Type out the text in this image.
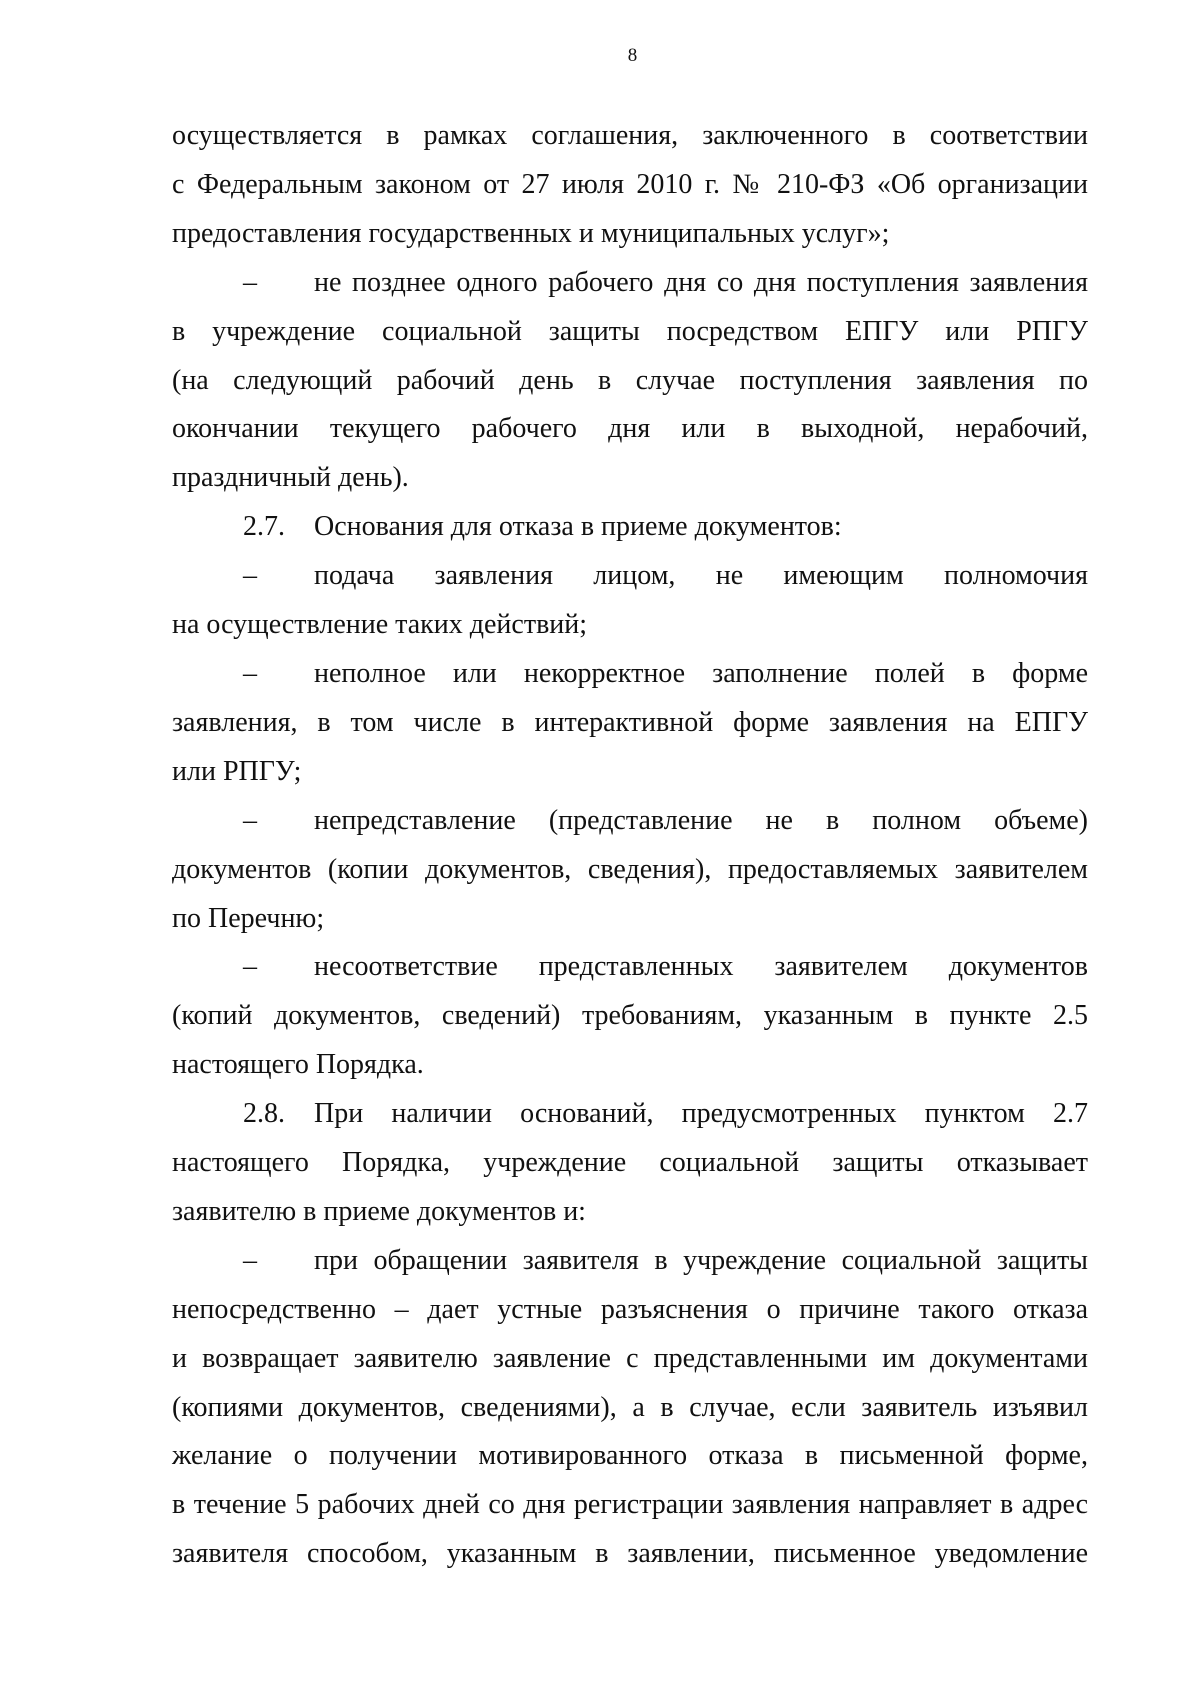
8

осуществляется в рамках соглашения, заключенного в соответствии
с Федеральным законом от 27 июля 2010 г. № 210-ФЗ «Об организации
предоставления государственных и муниципальных услуг»;

– не позднее одного рабочего дня со дня поступления заявления
в учреждение социальной защиты посредством ЕПГУ или РПГУ
(на следующий рабочий день в случае поступления заявления по
окончании текущего рабочего дня или в выходной, нерабочий,
праздничный день).

2.7. Основания для отказа в приеме документов:

– подача заявления лицом, не имеющим полномочия
на осуществление таких действий;

– неполное или некорректное заполнение полей в форме
заявления, в том числе в интерактивной форме заявления на ЕПГУ
или РПГУ;

– непредставление (представление не в полном объеме)
документов (копии документов, сведения), предоставляемых заявителем
по Перечню;

– несоответствие представленных заявителем документов
(копий документов, сведений) требованиям, указанным в пункте 2.5
настоящего Порядка.

2.8. При наличии оснований, предусмотренных пунктом 2.7
настоящего Порядка, учреждение социальной защиты отказывает
заявителю в приеме документов и:

– при обращении заявителя в учреждение социальной защиты
непосредственно – дает устные разъяснения о причине такого отказа
и возвращает заявителю заявление с представленными им документами
(копиями документов, сведениями), а в случае, если заявитель изъявил
желание о получении мотивированного отказа в письменной форме,
в течение 5 рабочих дней со дня регистрации заявления направляет в адрес
заявителя способом, указанным в заявлении, письменное уведомление
